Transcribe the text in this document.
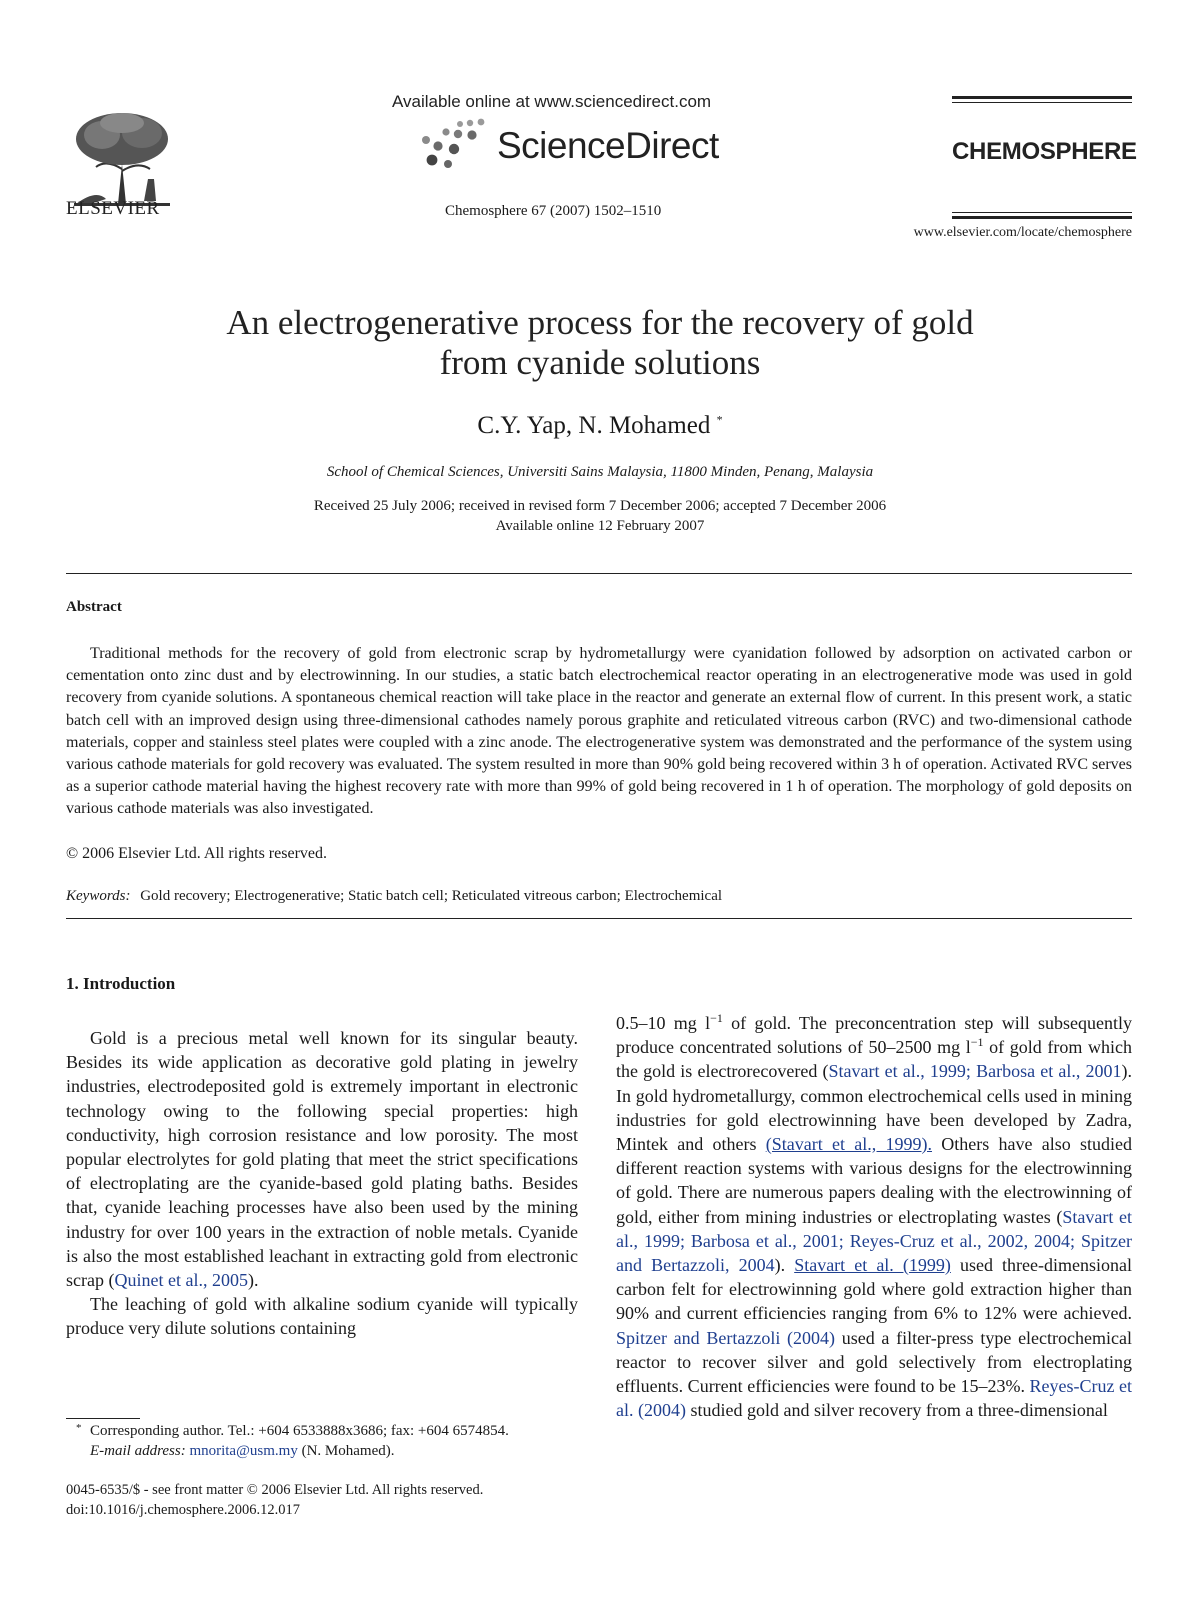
ELSEVIER
Available online at www.sciencedirect.com
ScienceDirect
Chemosphere 67 (2007) 1502–1510
CHEMOSPHERE
www.elsevier.com/locate/chemosphere
An electrogenerative process for the recovery of gold
from cyanide solutions
C.Y. Yap, N. Mohamed *
School of Chemical Sciences, Universiti Sains Malaysia, 11800 Minden, Penang, Malaysia
Received 25 July 2006; received in revised form 7 December 2006; accepted 7 December 2006
Available online 12 February 2007
Abstract
Traditional methods for the recovery of gold from electronic scrap by hydrometallurgy were cyanidation followed by adsorption on activated carbon or cementation onto zinc dust and by electrowinning. In our studies, a static batch electrochemical reactor operating in an electrogenerative mode was used in gold recovery from cyanide solutions. A spontaneous chemical reaction will take place in the reactor and generate an external flow of current. In this present work, a static batch cell with an improved design using three-dimensional cathodes namely porous graphite and reticulated vitreous carbon (RVC) and two-dimensional cathode materials, copper and stainless steel plates were coupled with a zinc anode. The electrogenerative system was demonstrated and the performance of the system using various cathode materials for gold recovery was evaluated. The system resulted in more than 90% gold being recovered within 3 h of operation. Activated RVC serves as a superior cathode material having the highest recovery rate with more than 99% of gold being recovered in 1 h of operation. The morphology of gold deposits on various cathode materials was also investigated.
© 2006 Elsevier Ltd. All rights reserved.
Keywords: Gold recovery; Electrogenerative; Static batch cell; Reticulated vitreous carbon; Electrochemical
1. Introduction

Gold is a precious metal well known for its singular beauty. Besides its wide application as decorative gold plating in jewelry industries, electrodeposited gold is extremely important in electronic technology owing to the following special properties: high conductivity, high corrosion resistance and low porosity. The most popular electrolytes for gold plating that meet the strict specifications of electroplating are the cyanide-based gold plating baths. Besides that, cyanide leaching processes have also been used by the mining industry for over 100 years in the extraction of noble metals. Cyanide is also the most established leachant in extracting gold from electronic scrap (Quinet et al., 2005).

The leaching of gold with alkaline sodium cyanide will typically produce very dilute solutions containing

0.5–10 mg $l^{-1}$ of gold. The preconcentration step will subsequently produce concentrated solutions of 50–2500 mg $l^{-1}$ of gold from which the gold is electrorecovered (Stavart et al., 1999; Barbosa et al., 2001). In gold hydrometallurgy, common electrochemical cells used in mining industries for gold electrowinning have been developed by Zadra, Mintek and others (Stavart et al., 1999). Others have also studied different reaction systems with various designs for the electrowinning of gold. There are numerous papers dealing with the electrowinning of gold, either from mining industries or electroplating wastes (Stavart et al., 1999; Barbosa et al., 2001; Reyes-Cruz et al., 2002, 2004; Spitzer and Bertazzoli, 2004). Stavart et al. (1999) used three-dimensional carbon felt for electrowinning gold where gold extraction higher than 90% and current efficiencies ranging from 6% to 12% were achieved. Spitzer and Bertazzoli (2004) used a filter-press type electrochemical reactor to recover silver and gold selectively from electroplating effluents. Current efficiencies were found to be 15–23%. Reyes-Cruz et al. (2004) studied gold and silver recovery from a three-dimensional

* Corresponding author. Tel.: +604 6533888x3686; fax: +604 6574854.
E-mail address: mnorita@usm.my (N. Mohamed).
0045-6535/$ - see front matter © 2006 Elsevier Ltd. All rights reserved.
doi:10.1016/j.chemosphere.2006.12.017
